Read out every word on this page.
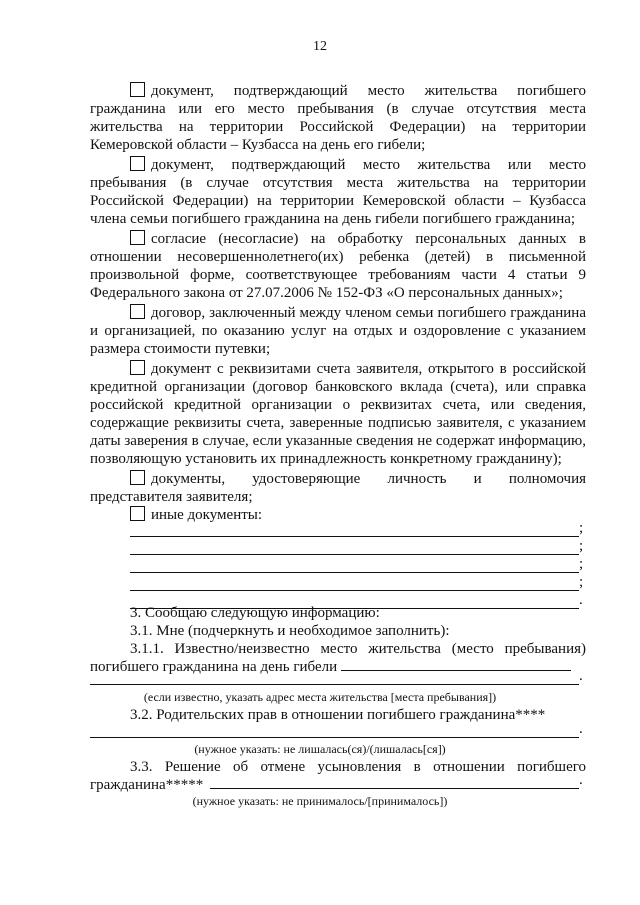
12

документ, подтверждающий место жительства погибшего гражданина или его место пребывания (в случае отсутствия места жительства на территории Российской Федерации) на территории Кемеровской области – Кузбасса на день его гибели;

документ, подтверждающий место жительства или место пребывания (в случае отсутствия места жительства на территории Российской Федерации) на территории Кемеровской области – Кузбасса члена семьи погибшего гражданина на день гибели погибшего гражданина;

согласие (несогласие) на обработку персональных данных в отношении несовершеннолетнего(их) ребенка (детей) в письменной произвольной форме, соответствующее требованиям части 4 статьи 9 Федерального закона от 27.07.2006 № 152-ФЗ «О персональных данных»;

договор, заключенный между членом семьи погибшего гражданина и организацией, по оказанию услуг на отдых и оздоровление с указанием размера стоимости путевки;

документ с реквизитами счета заявителя, открытого в российской кредитной организации (договор банковского вклада (счета), или справка российской кредитной организации о реквизитах счета, или сведения, содержащие реквизиты счета, заверенные подписью заявителя, с указанием даты заверения в случае, если указанные сведения не содержат информацию, позволяющую установить их принадлежность конкретному гражданину);

документы, удостоверяющие личность и полномочия представителя заявителя;

иные документы:

;
;
;
;
.
3. Сообщаю следующую информацию:
3.1. Мне (подчеркнуть и необходимое заполнить):

3.1.1. Известно/неизвестно место жительства (место пребывания) погибшего гражданина на день гибели

.
(если известно, указать адрес места жительства [места пребывания])

3.2. Родительских прав в отношении погибшего гражданина****

.
(нужное указать: не лишалась(ся)/(лишалась[ся])

3.3. Решение об отмене усыновления в отношении погибшего гражданина*****	.
(нужное указать: не принималось/[принималось])
